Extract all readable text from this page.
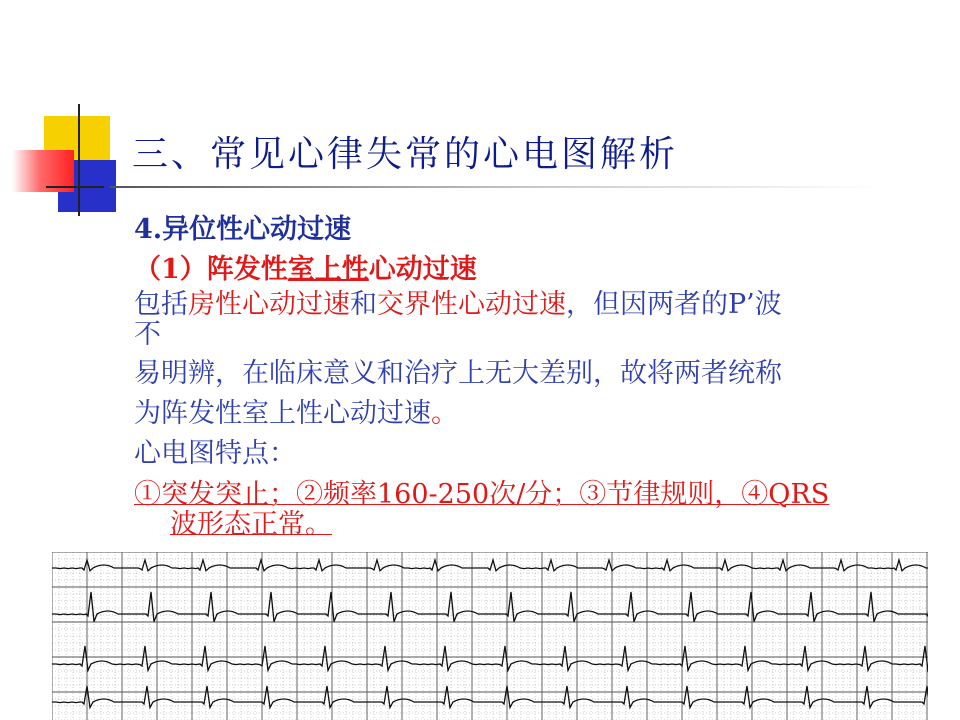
三、常见心律失常的心电图解析
4.异位性心动过速
（1）阵发性室上性心动过速
包括房性心动过速和交界性心动过速，但因两者的P’波
不
易明辨，在临床意义和治疗上无大差别，故将两者统称
为阵发性室上性心动过速。
心电图特点：
①突发突止；②频率160-250次/分；③节律规则，④QRS
波形态正常。
